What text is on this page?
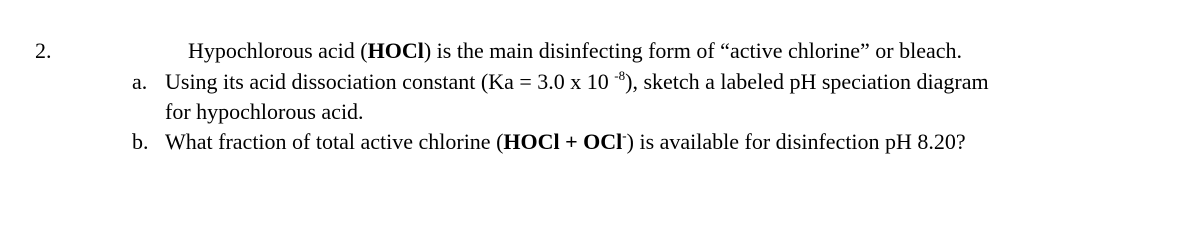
2.	Hypochlorous acid (HOCl) is the main disinfecting form of “active chlorine” or bleach.
a. Using its acid dissociation constant (Ka = 3.0 x 10 $^{-8}$), sketch a labeled pH speciation diagram
for hypochlorous acid.
b. What fraction of total active chlorine (HOCl + OCl-) is available for disinfection pH 8.20?
